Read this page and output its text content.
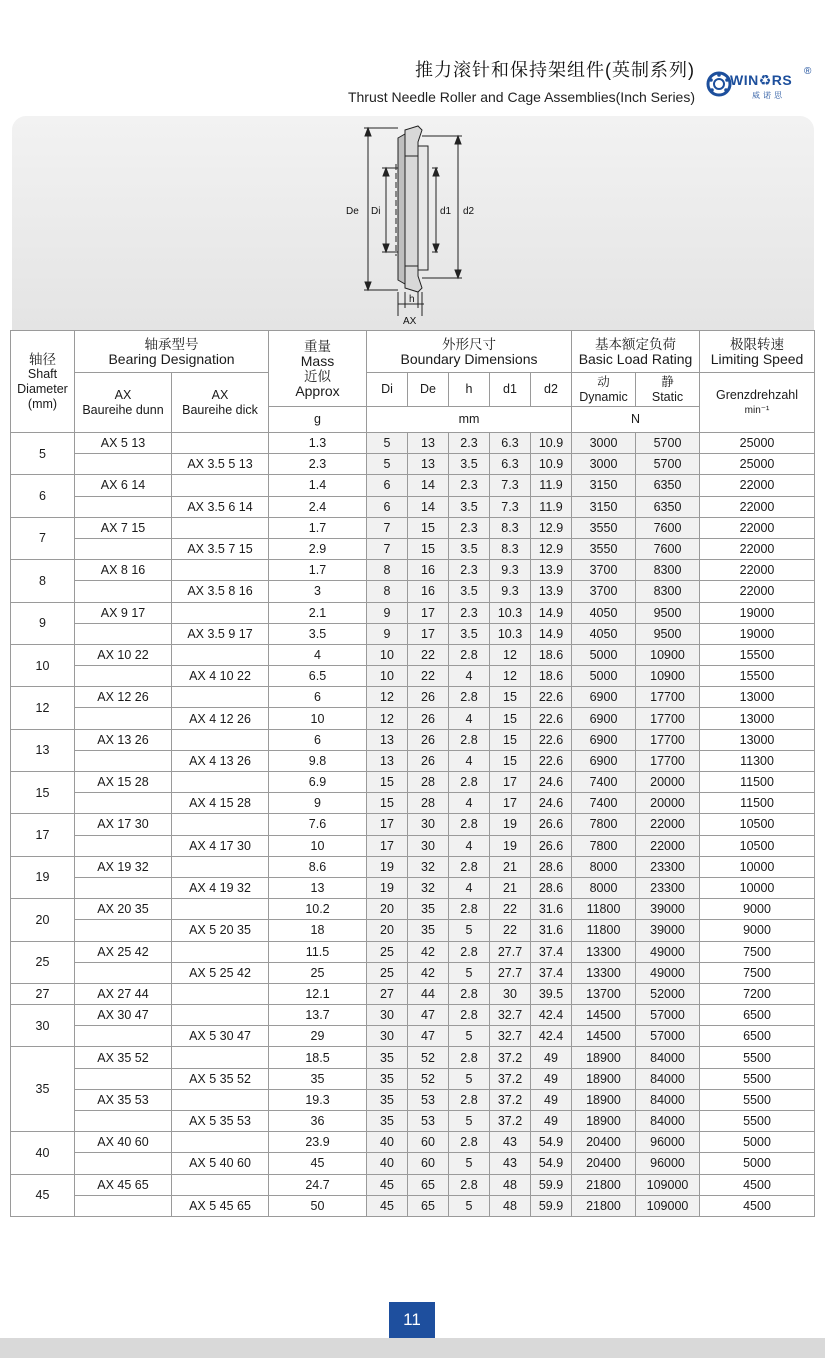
推力滚针和保持架组件(英制系列)
Thrust Needle Roller and Cage Assemblies(Inch Series)
WIN♻RS
®
威诺思
De Di	d1 d2
h
AX
轴径
Shaft
Diameter
(mm)	轴承型号
Bearing Designation		重量
Mass
近似
Approx	外形尺寸
Boundary Dimensions					基本额定负荷
Basic Load Rating		极限转速
Limiting Speed

	AX
Baureihe dunn	AX
Baureihe dick		Di	De	h	d1	d2	动
Dynamic	静
Static	Grenzdrehzahl
min⁻¹

			g	mm					N		
5	AX 5 13		1.3	5	13	2.3	6.3	10.9	3000	5700	25000
		AX 3.5 5 13	2.3	5	13	3.5	6.3	10.9	3000	5700	25000
6	AX 6 14		1.4	6	14	2.3	7.3	11.9	3150	6350	22000
		AX 3.5 6 14	2.4	6	14	3.5	7.3	11.9	3150	6350	22000
7	AX 7 15		1.7	7	15	2.3	8.3	12.9	3550	7600	22000
		AX 3.5 7 15	2.9	7	15	3.5	8.3	12.9	3550	7600	22000
8	AX 8 16		1.7	8	16	2.3	9.3	13.9	3700	8300	22000
		AX 3.5 8 16	3	8	16	3.5	9.3	13.9	3700	8300	22000
9	AX 9 17		2.1	9	17	2.3	10.3	14.9	4050	9500	19000
		AX 3.5 9 17	3.5	9	17	3.5	10.3	14.9	4050	9500	19000
10	AX 10 22		4	10	22	2.8	12	18.6	5000	10900	15500
		AX 4 10 22	6.5	10	22	4	12	18.6	5000	10900	15500
12	AX 12 26		6	12	26	2.8	15	22.6	6900	17700	13000
		AX 4 12 26	10	12	26	4	15	22.6	6900	17700	13000
13	AX 13 26		6	13	26	2.8	15	22.6	6900	17700	13000
		AX 4 13 26	9.8	13	26	4	15	22.6	6900	17700	11300
15	AX 15 28		6.9	15	28	2.8	17	24.6	7400	20000	11500
		AX 4 15 28	9	15	28	4	17	24.6	7400	20000	11500
17	AX 17 30		7.6	17	30	2.8	19	26.6	7800	22000	10500
		AX 4 17 30	10	17	30	4	19	26.6	7800	22000	10500
19	AX 19 32		8.6	19	32	2.8	21	28.6	8000	23300	10000
		AX 4 19 32	13	19	32	4	21	28.6	8000	23300	10000
20	AX 20 35		10.2	20	35	2.8	22	31.6	11800	39000	9000
		AX 5 20 35	18	20	35	5	22	31.6	11800	39000	9000
25	AX 25 42		11.5	25	42	2.8	27.7	37.4	13300	49000	7500
		AX 5 25 42	25	25	42	5	27.7	37.4	13300	49000	7500
27	AX 27 44		12.1	27	44	2.8	30	39.5	13700	52000	7200
30	AX 30 47		13.7	30	47	2.8	32.7	42.4	14500	57000	6500
		AX 5 30 47	29	30	47	5	32.7	42.4	14500	57000	6500
35	AX 35 52		18.5	35	52	2.8	37.2	49	18900	84000	5500
		AX 5 35 52	35	35	52	5	37.2	49	18900	84000	5500
	AX 35 53		19.3	35	53	2.8	37.2	49	18900	84000	5500
		AX 5 35 53	36	35	53	5	37.2	49	18900	84000	5500
40	AX 40 60		23.9	40	60	2.8	43	54.9	20400	96000	5000
		AX 5 40 60	45	40	60	5	43	54.9	20400	96000	5000
45	AX 45 65		24.7	45	65	2.8	48	59.9	21800	109000	4500
		AX 5 45 65	50	45	65	5	48	59.9	21800	109000	4500
11
